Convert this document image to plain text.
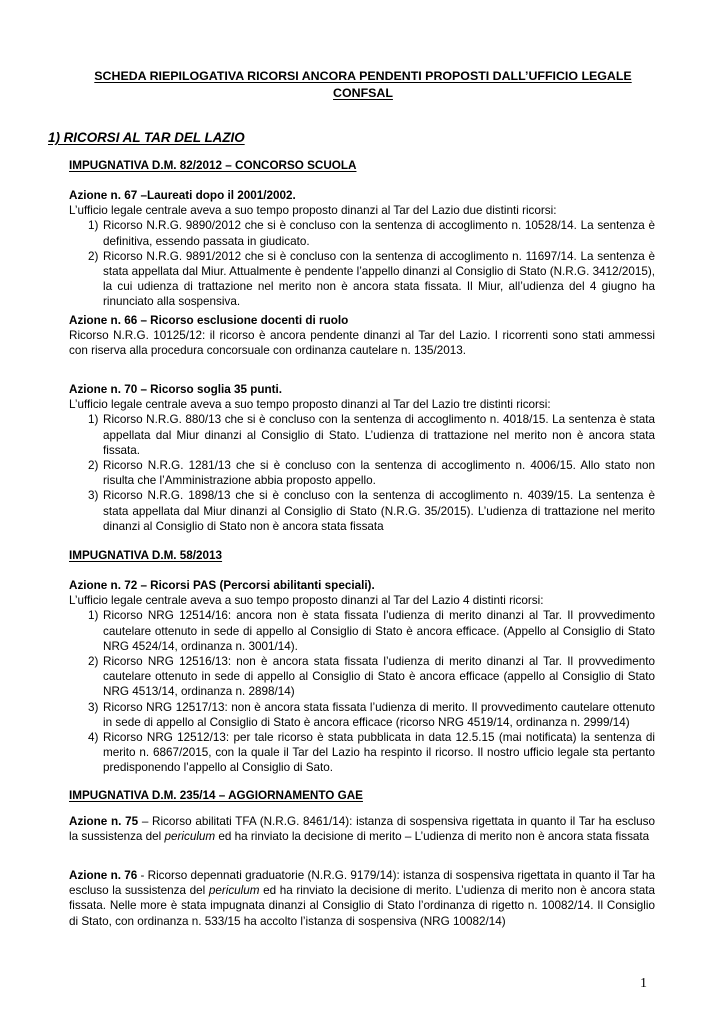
SCHEDA RIEPILOGATIVA RICORSI ANCORA PENDENTI PROPOSTI DALL’UFFICIO LEGALE CONFSAL
1) RICORSI AL TAR DEL LAZIO
IMPUGNATIVA D.M. 82/2012 – CONCORSO SCUOLA
Azione n. 67 –Laureati dopo il 2001/2002.

L’ufficio legale centrale aveva a suo tempo proposto dinanzi al Tar del Lazio due distinti ricorsi:

1) Ricorso N.R.G. 9890/2012 che si è concluso con la sentenza di accoglimento n. 10528/14. La sentenza è definitiva, essendo passata in giudicato.
2) Ricorso N.R.G. 9891/2012 che si è concluso con la sentenza di accoglimento n. 11697/14. La sentenza è stata appellata dal Miur. Attualmente è pendente l’appello dinanzi al Consiglio di Stato (N.R.G. 3412/2015), la cui udienza di trattazione nel merito non è ancora stata fissata. Il Miur, all’udienza del 4 giugno ha rinunciato alla sospensiva.
Azione n. 66 – Ricorso esclusione docenti di ruolo

Ricorso N.R.G. 10125/12: il ricorso è ancora pendente dinanzi al Tar del Lazio. I ricorrenti sono stati ammessi con riserva alla procedura concorsuale con ordinanza cautelare n. 135/2013.

Azione n. 70 – Ricorso soglia 35 punti.

L’ufficio legale centrale aveva a suo tempo proposto dinanzi al Tar del Lazio tre distinti ricorsi:

1) Ricorso N.R.G. 880/13 che si è concluso con la sentenza di accoglimento n. 4018/15. La sentenza è stata appellata dal Miur dinanzi al Consiglio di Stato. L’udienza di trattazione nel merito non è ancora stata fissata.
2) Ricorso N.R.G. 1281/13 che si è concluso con la sentenza di accoglimento n. 4006/15. Allo stato non risulta che l’Amministrazione abbia proposto appello.
3) Ricorso N.R.G. 1898/13 che si è concluso con la sentenza di accoglimento n. 4039/15. La sentenza è stata appellata dal Miur dinanzi al Consiglio di Stato (N.R.G. 35/2015). L’udienza di trattazione nel merito dinanzi al Consiglio di Stato non è ancora stata fissata
IMPUGNATIVA D.M. 58/2013
Azione n. 72 – Ricorsi PAS (Percorsi abilitanti speciali).

L’ufficio legale centrale aveva a suo tempo proposto dinanzi al Tar del Lazio 4 distinti ricorsi:

1) Ricorso NRG 12514/16: ancora non è stata fissata l’udienza di merito dinanzi al Tar. Il provvedimento cautelare ottenuto in sede di appello al Consiglio di Stato è ancora efficace. (Appello al Consiglio di Stato NRG 4524/14, ordinanza n. 3001/14).
2) Ricorso NRG 12516/13: non è ancora stata fissata l’udienza di merito dinanzi al Tar. Il provvedimento cautelare ottenuto in sede di appello al Consiglio di Stato è ancora efficace (appello al Consiglio di Stato NRG 4513/14, ordinanza n. 2898/14)
3) Ricorso NRG 12517/13: non è ancora stata fissata l’udienza di merito. Il provvedimento cautelare ottenuto in sede di appello al Consiglio di Stato è ancora efficace (ricorso NRG 4519/14, ordinanza n. 2999/14)
4) Ricorso NRG 12512/13: per tale ricorso è stata pubblicata in data 12.5.15 (mai notificata) la sentenza di merito n. 6867/2015, con la quale il Tar del Lazio ha respinto il ricorso. Il nostro ufficio legale sta pertanto predisponendo l’appello al Consiglio di Sato.
IMPUGNATIVA D.M. 235/14 – AGGIORNAMENTO GAE

Azione n. 75 – Ricorso abilitati TFA (N.R.G. 8461/14): istanza di sospensiva rigettata in quanto il Tar ha escluso la sussistenza del periculum ed ha rinviato la decisione di merito – L’udienza di merito non è ancora stata fissata

Azione n. 76 - Ricorso depennati graduatorie (N.R.G. 9179/14): istanza di sospensiva rigettata in quanto il Tar ha escluso la sussistenza del periculum ed ha rinviato la decisione di merito. L’udienza di merito non è ancora stata fissata. Nelle more è stata impugnata dinanzi al Consiglio di Stato l’ordinanza di rigetto n. 10082/14. Il Consiglio di Stato, con ordinanza n. 533/15 ha accolto l’istanza di sospensiva (NRG 10082/14)

1
